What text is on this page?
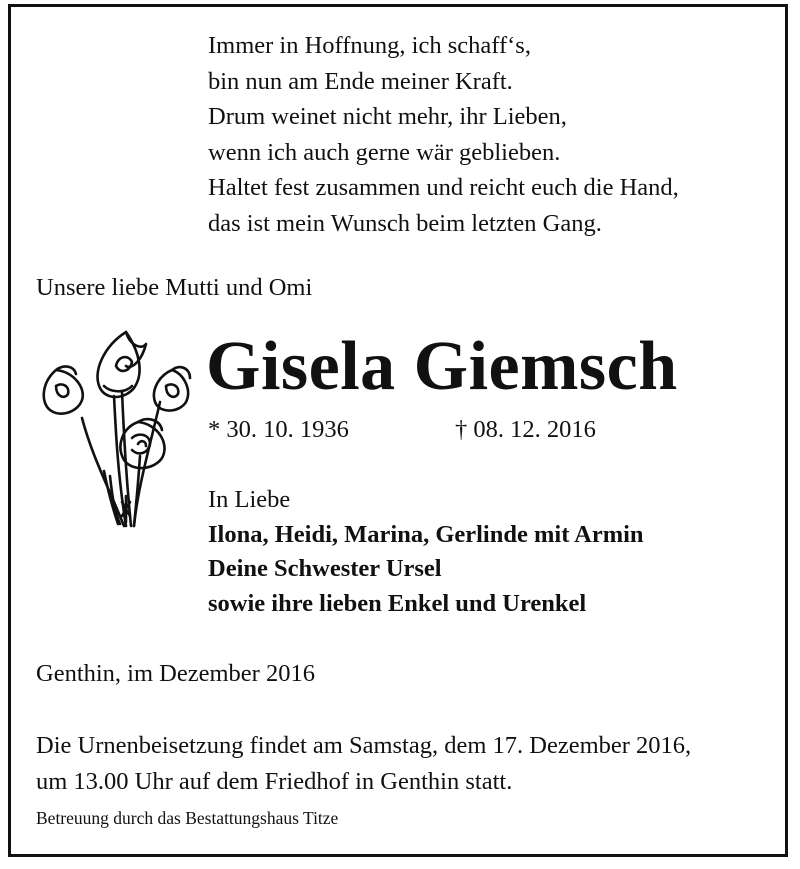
Immer in Hoffnung, ich schaff‘s,
bin nun am Ende meiner Kraft.
Drum weinet nicht mehr, ihr Lieben,
wenn ich auch gerne wär geblieben.
Haltet fest zusammen und reicht euch die Hand,
das ist mein Wunsch beim letzten Gang.
Unsere liebe Mutti und Omi
Gisela Giemsch
* 30. 10. 1936	† 08. 12. 2016
In Liebe
Ilona, Heidi, Marina, Gerlinde mit Armin
Deine Schwester Ursel
sowie ihre lieben Enkel und Urenkel
Genthin, im Dezember 2016
Die Urnenbeisetzung findet am Samstag, dem 17. Dezember 2016,
um 13.00 Uhr auf dem Friedhof in Genthin statt.
Betreuung durch das Bestattungshaus Titze
